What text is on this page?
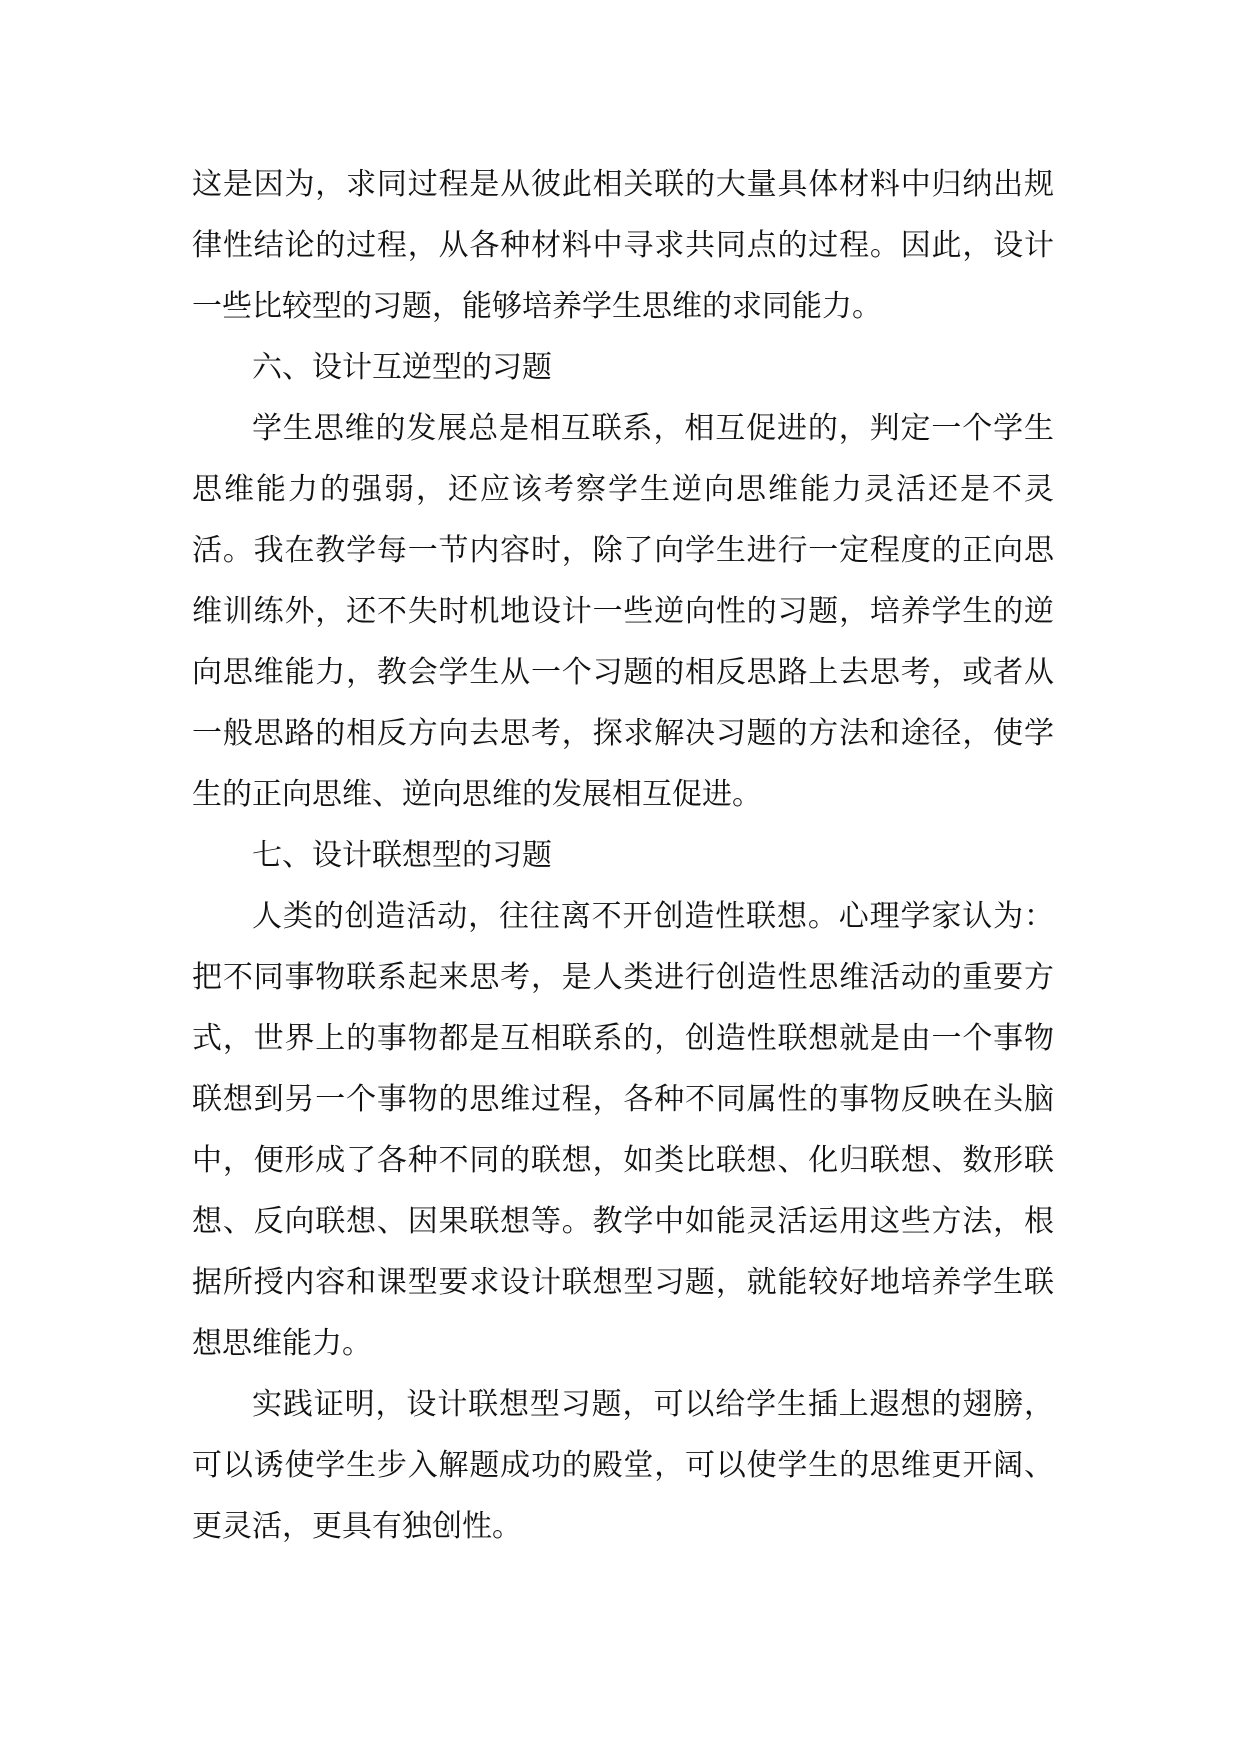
这是因为，求同过程是从彼此相关联的大量具体材料中归纳出规律性结论的过程，从各种材料中寻求共同点的过程。因此，设计一些比较型的习题，能够培养学生思维的求同能力。

六、设计互逆型的习题

学生思维的发展总是相互联系，相互促进的，判定一个学生思维能力的强弱，还应该考察学生逆向思维能力灵活还是不灵活。我在教学每一节内容时，除了向学生进行一定程度的正向思维训练外，还不失时机地设计一些逆向性的习题，培养学生的逆向思维能力，教会学生从一个习题的相反思路上去思考，或者从一般思路的相反方向去思考，探求解决习题的方法和途径，使学生的正向思维、逆向思维的发展相互促进。

七、设计联想型的习题

人类的创造活动，往往离不开创造性联想。心理学家认为：把不同事物联系起来思考，是人类进行创造性思维活动的重要方式，世界上的事物都是互相联系的，创造性联想就是由一个事物联想到另一个事物的思维过程，各种不同属性的事物反映在头脑中，便形成了各种不同的联想，如类比联想、化归联想、数形联想、反向联想、因果联想等。教学中如能灵活运用这些方法，根据所授内容和课型要求设计联想型习题，就能较好地培养学生联想思维能力。

实践证明，设计联想型习题，可以给学生插上遐想的翅膀，可以诱使学生步入解题成功的殿堂，可以使学生的思维更开阔、更灵活，更具有独创性。
